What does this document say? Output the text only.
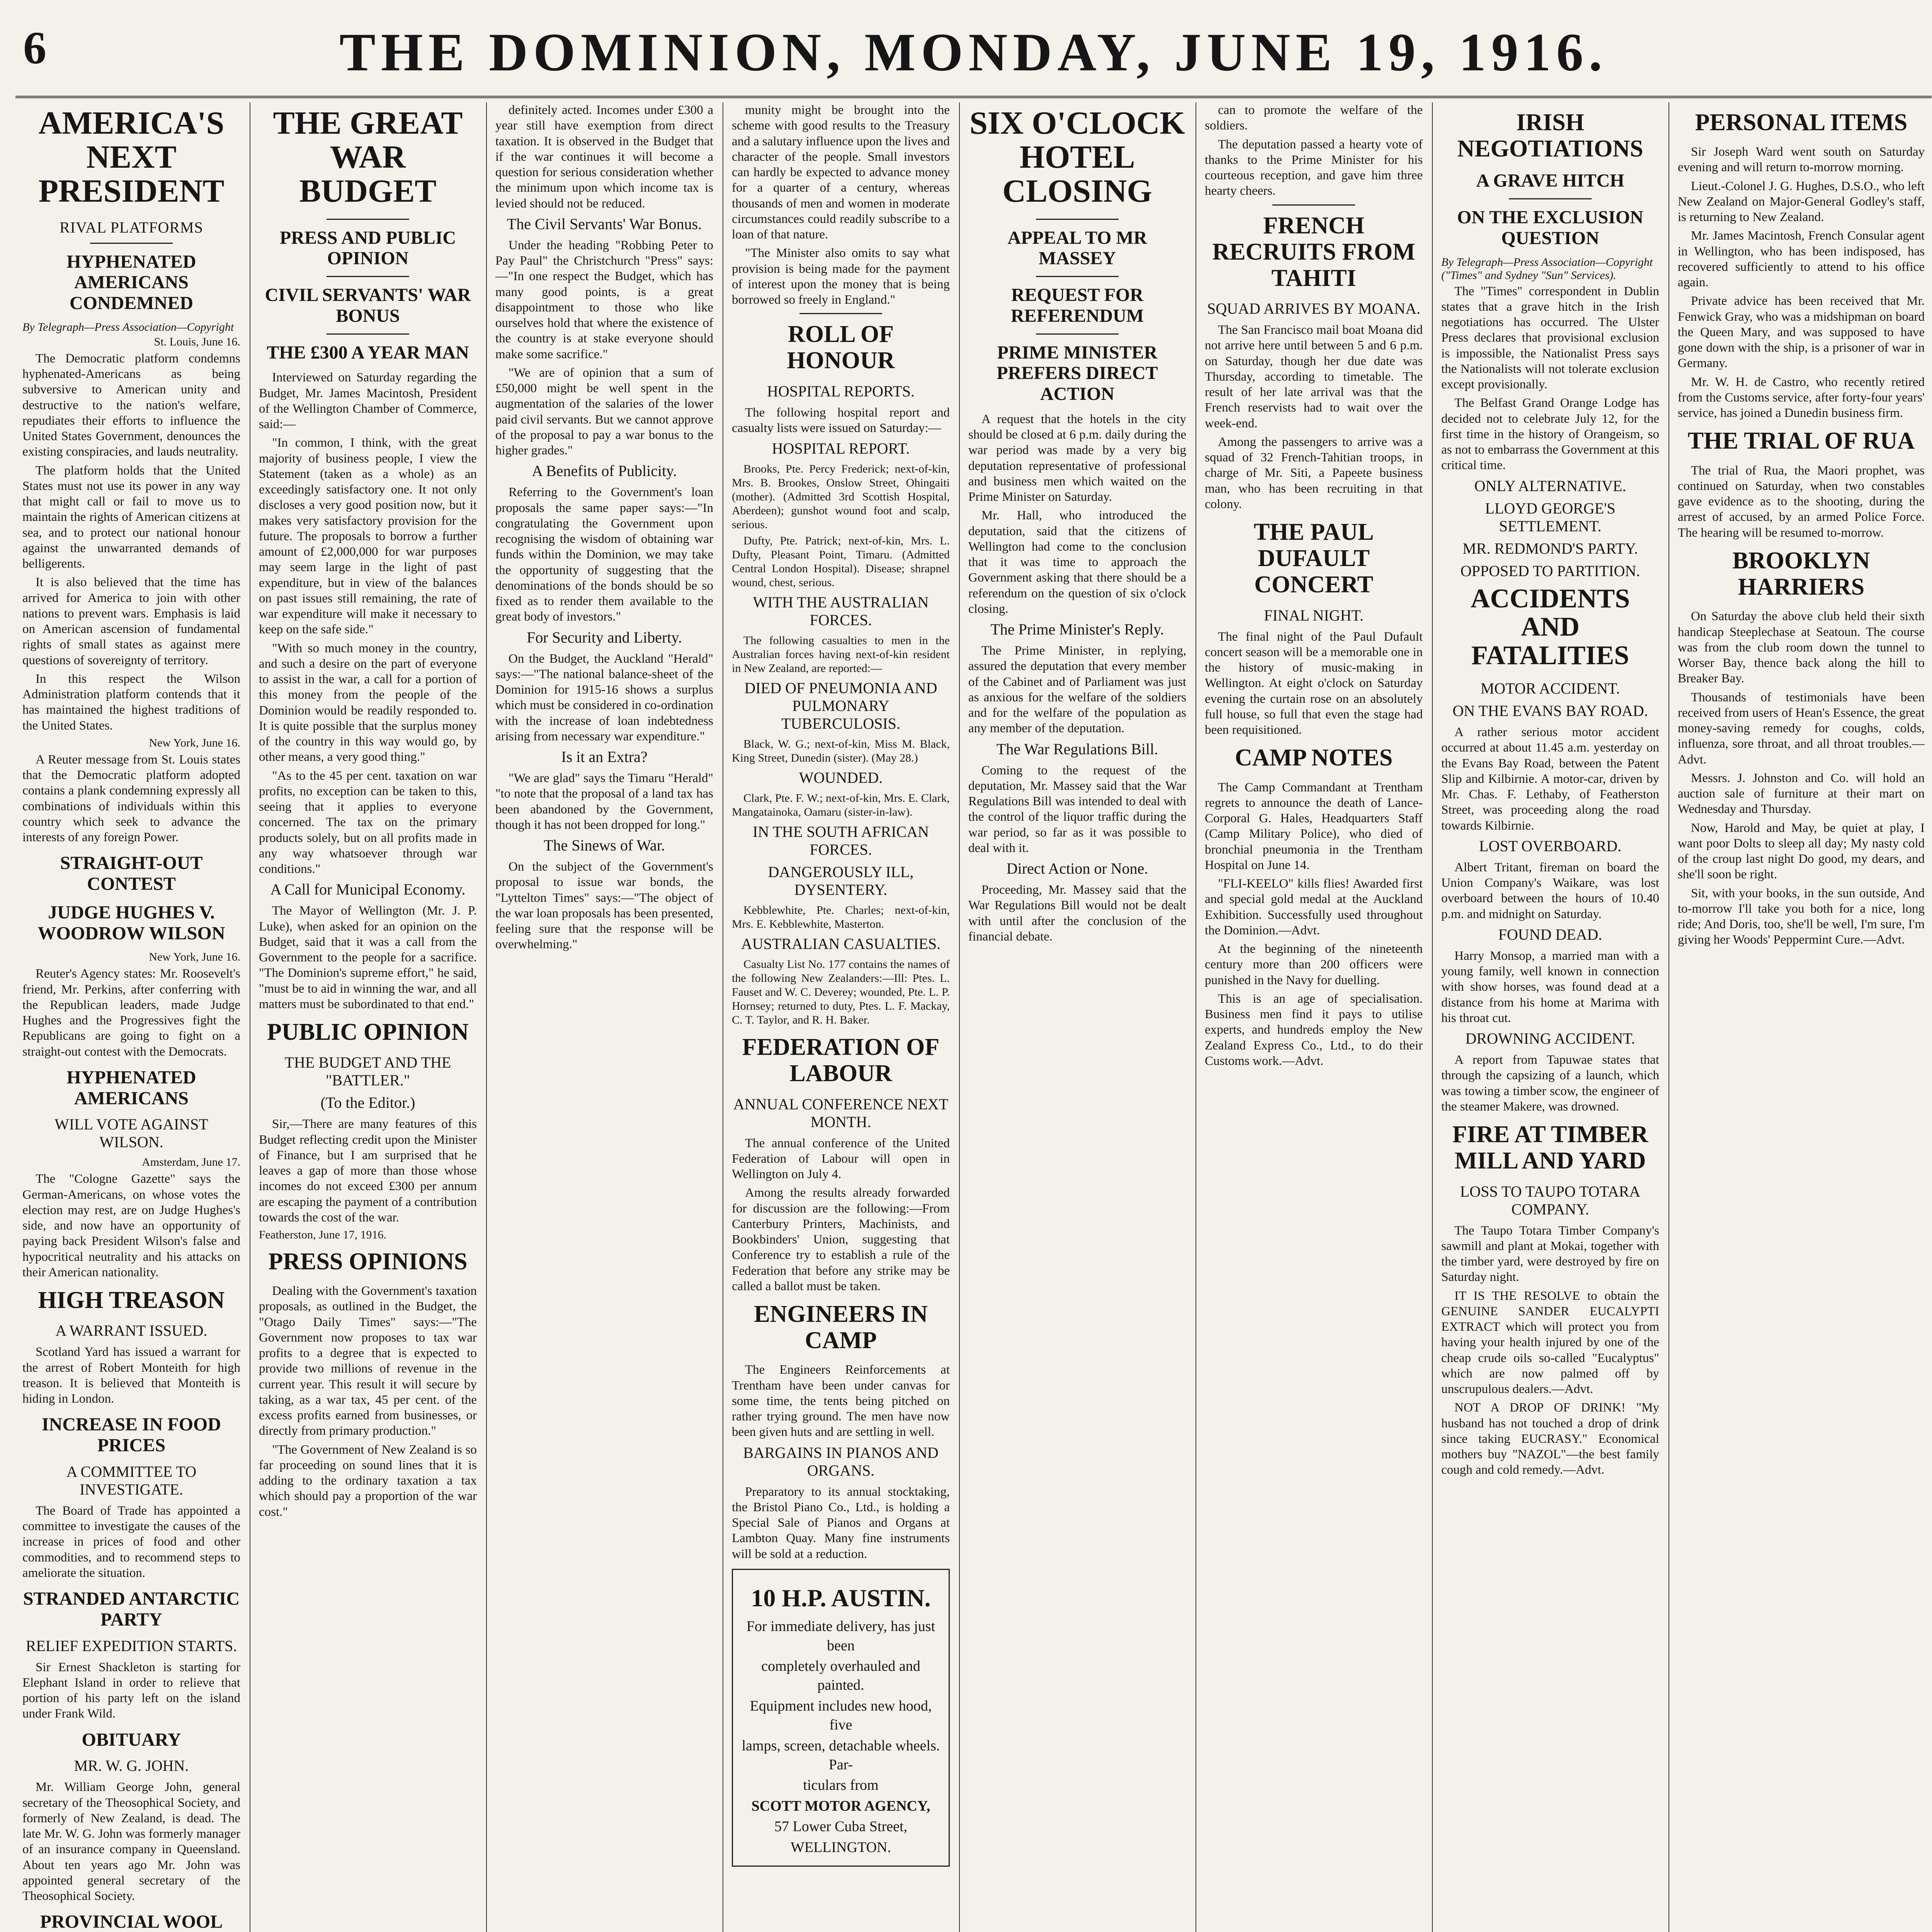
6	THE DOMINION, MONDAY, JUNE 19, 1916.
AMERICA'S NEXT PRESIDENT
RIVAL PLATFORMS
HYPHENATED AMERICANS CONDEMNED
By Telegraph—Press Association—Copyright
St. Louis, June 16.

The Democratic platform condemns hyphenated-Americans as being subversive to American unity and destructive to the nation's welfare, repudiates their efforts to influence the United States Government, denounces the existing conspiracies, and lauds neutrality.

The platform holds that the United States must not use its power in any way that might call or fail to move us to maintain the rights of American citizens at sea, and to protect our national honour against the unwarranted demands of belligerents.

It is also believed that the time has arrived for America to join with other nations to prevent wars. Emphasis is laid on American ascension of fundamental rights of small states as against mere questions of sovereignty of territory.

In this respect the Wilson Administration platform contends that it has maintained the highest traditions of the United States.

New York, June 16.

A Reuter message from St. Louis states that the Democratic platform adopted contains a plank condemning expressly all combinations of individuals within this country which seek to advance the interests of any foreign Power.

STRAIGHT-OUT CONTEST
JUDGE HUGHES V. WOODROW WILSON
New York, June 16.

Reuter's Agency states: Mr. Roosevelt's friend, Mr. Perkins, after conferring with the Republican leaders, made Judge Hughes and the Progressives fight the Republicans are going to fight on a straight-out contest with the Democrats.

HYPHENATED AMERICANS
WILL VOTE AGAINST WILSON.
Amsterdam, June 17.

The "Cologne Gazette" says the German-Americans, on whose votes the election may rest, are on Judge Hughes's side, and now have an opportunity of paying back President Wilson's false and hypocritical neutrality and his attacks on their American nationality.

HIGH TREASON
A WARRANT ISSUED.

Scotland Yard has issued a warrant for the arrest of Robert Monteith for high treason. It is believed that Monteith is hiding in London.

INCREASE IN FOOD PRICES
A COMMITTEE TO INVESTIGATE.

The Board of Trade has appointed a committee to investigate the causes of the increase in prices of food and other commodities, and to recommend steps to ameliorate the situation.

STRANDED ANTARCTIC PARTY
RELIEF EXPEDITION STARTS.

Sir Ernest Shackleton is starting for Elephant Island in order to relieve that portion of his party left on the island under Frank Wild.

OBITUARY
MR. W. G. JOHN.

Mr. William George John, general secretary of the Theosophical Society, and formerly of New Zealand, is dead. The late Mr. W. G. John was formerly manager of an insurance company in Queensland. About ten years ago Mr. John was appointed general secretary of the Theosophical Society.

PROVINCIAL WOOL

THE GREAT WAR BUDGET
PRESS AND PUBLIC OPINION
CIVIL SERVANTS' WAR BONUS
THE £300 A YEAR MAN

Interviewed on Saturday regarding the Budget, Mr. James Macintosh, President of the Wellington Chamber of Commerce, said:—

"In common, I think, with the great majority of business people, I view the Statement (taken as a whole) as an exceedingly satisfactory one. It not only discloses a very good position now, but it makes very satisfactory provision for the future. The proposals to borrow a further amount of £2,000,000 for war purposes may seem large in the light of past expenditure, but in view of the balances on past issues still remaining, the rate of war expenditure will make it necessary to keep on the safe side."

"With so much money in the country, and such a desire on the part of everyone to assist in the war, a call for a portion of this money from the people of the Dominion would be readily responded to. It is quite possible that the surplus money of the country in this way would go, by other means, a very good thing."

"As to the 45 per cent. taxation on war profits, no exception can be taken to this, seeing that it applies to everyone concerned. The tax on the primary products solely, but on all profits made in any way whatsoever through war conditions."

A Call for Municipal Economy.

The Mayor of Wellington (Mr. J. P. Luke), when asked for an opinion on the Budget, said that it was a call from the Government to the people for a sacrifice. "The Dominion's supreme effort," he said, "must be to aid in winning the war, and all matters must be subordinated to that end."

PUBLIC OPINION
THE BUDGET AND THE "BATTLER."
(To the Editor.)

Sir,—There are many features of this Budget reflecting credit upon the Minister of Finance, but I am surprised that he leaves a gap of more than those whose incomes do not exceed £300 per annum are escaping the payment of a contribution towards the cost of the war.

Featherston, June 17, 1916.
PRESS OPINIONS

Dealing with the Government's taxation proposals, as outlined in the Budget, the "Otago Daily Times" says:—"The Government now proposes to tax war profits to a degree that is expected to provide two millions of revenue in the current year. This result it will secure by taking, as a war tax, 45 per cent. of the excess profits earned from businesses, or directly from primary production."

"The Government of New Zealand is so far proceeding on sound lines that it is adding to the ordinary taxation a tax which should pay a proportion of the war cost."

definitely acted. Incomes under £300 a year still have exemption from direct taxation. It is observed in the Budget that if the war continues it will become a question for serious consideration whether the minimum upon which income tax is levied should not be reduced.

The Civil Servants' War Bonus.

Under the heading "Robbing Peter to Pay Paul" the Christchurch "Press" says:—"In one respect the Budget, which has many good points, is a great disappointment to those who like ourselves hold that where the existence of the country is at stake everyone should make some sacrifice."

"We are of opinion that a sum of £50,000 might be well spent in the augmentation of the salaries of the lower paid civil servants. But we cannot approve of the proposal to pay a war bonus to the higher grades."

A Benefits of Publicity.

Referring to the Government's loan proposals the same paper says:—"In congratulating the Government upon recognising the wisdom of obtaining war funds within the Dominion, we may take the opportunity of suggesting that the denominations of the bonds should be so fixed as to render them available to the great body of investors."

For Security and Liberty.

On the Budget, the Auckland "Herald" says:—"The national balance-sheet of the Dominion for 1915-16 shows a surplus which must be considered in co-ordination with the increase of loan indebtedness arising from necessary war expenditure."

Is it an Extra?

"We are glad" says the Timaru "Herald" "to note that the proposal of a land tax has been abandoned by the Government, though it has not been dropped for long."

The Sinews of War.

On the subject of the Government's proposal to issue war bonds, the "Lyttelton Times" says:—"The object of the war loan proposals has been presented, feeling sure that the response will be overwhelming."

munity might be brought into the scheme with good results to the Treasury and a salutary influence upon the lives and character of the people. Small investors can hardly be expected to advance money for a quarter of a century, whereas thousands of men and women in moderate circumstances could readily subscribe to a loan of that nature.

"The Minister also omits to say what provision is being made for the payment of interest upon the money that is being borrowed so freely in England."

ROLL OF HONOUR
HOSPITAL REPORTS.

The following hospital report and casualty lists were issued on Saturday:—

HOSPITAL REPORT.

Brooks, Pte. Percy Frederick; next-of-kin, Mrs. B. Brookes, Onslow Street, Ohingaiti (mother). (Admitted 3rd Scottish Hospital, Aberdeen); gunshot wound foot and scalp, serious.

Dufty, Pte. Patrick; next-of-kin, Mrs. L. Dufty, Pleasant Point, Timaru. (Admitted Central London Hospital). Disease; shrapnel wound, chest, serious.

WITH THE AUSTRALIAN FORCES.

The following casualties to men in the Australian forces having next-of-kin resident in New Zealand, are reported:—

DIED OF PNEUMONIA AND PULMONARY TUBERCULOSIS.

Black, W. G.; next-of-kin, Miss M. Black, King Street, Dunedin (sister). (May 28.)

WOUNDED.

Clark, Pte. F. W.; next-of-kin, Mrs. E. Clark, Mangatainoka, Oamaru (sister-in-law).

IN THE SOUTH AFRICAN FORCES.
DANGEROUSLY ILL, DYSENTERY.

Kebblewhite, Pte. Charles; next-of-kin, Mrs. E. Kebblewhite, Masterton.

AUSTRALIAN CASUALTIES.

Casualty List No. 177 contains the names of the following New Zealanders:—Ill: Ptes. L. Fauset and W. C. Deverey; wounded, Pte. L. P. Hornsey; returned to duty, Ptes. L. F. Mackay, C. T. Taylor, and R. H. Baker.

FEDERATION OF LABOUR
ANNUAL CONFERENCE NEXT MONTH.

The annual conference of the United Federation of Labour will open in Wellington on July 4.

Among the results already forwarded for discussion are the following:—From Canterbury Printers, Machinists, and Bookbinders' Union, suggesting that Conference try to establish a rule of the Federation that before any strike may be called a ballot must be taken.

ENGINEERS IN CAMP

The Engineers Reinforcements at Trentham have been under canvas for some time, the tents being pitched on rather trying ground. The men have now been given huts and are settling in well.

BARGAINS IN PIANOS AND ORGANS.

Preparatory to its annual stocktaking, the Bristol Piano Co., Ltd., is holding a Special Sale of Pianos and Organs at Lambton Quay. Many fine instruments will be sold at a reduction.

10 H.P. AUSTIN.
For immediate delivery, has just been
completely overhauled and painted.
Equipment includes new hood, five
lamps, screen, detachable wheels. Par-
ticulars from
SCOTT MOTOR AGENCY,
57 Lower Cuba Street,
WELLINGTON.
SIX O'CLOCK HOTEL CLOSING
APPEAL TO MR MASSEY
REQUEST FOR REFERENDUM
PRIME MINISTER PREFERS DIRECT ACTION

A request that the hotels in the city should be closed at 6 p.m. daily during the war period was made by a very big deputation representative of professional and business men which waited on the Prime Minister on Saturday.

Mr. Hall, who introduced the deputation, said that the citizens of Wellington had come to the conclusion that it was time to approach the Government asking that there should be a referendum on the question of six o'clock closing.

The Prime Minister's Reply.

The Prime Minister, in replying, assured the deputation that every member of the Cabinet and of Parliament was just as anxious for the welfare of the soldiers and for the welfare of the population as any member of the deputation.

The War Regulations Bill.

Coming to the request of the deputation, Mr. Massey said that the War Regulations Bill was intended to deal with the control of the liquor traffic during the war period, so far as it was possible to deal with it.

Direct Action or None.

Proceeding, Mr. Massey said that the War Regulations Bill would not be dealt with until after the conclusion of the financial debate.

can to promote the welfare of the soldiers.

The deputation passed a hearty vote of thanks to the Prime Minister for his courteous reception, and gave him three hearty cheers.

FRENCH RECRUITS FROM TAHITI
SQUAD ARRIVES BY MOANA.

The San Francisco mail boat Moana did not arrive here until between 5 and 6 p.m. on Saturday, though her due date was Thursday, according to timetable. The result of her late arrival was that the French reservists had to wait over the week-end.

Among the passengers to arrive was a squad of 32 French-Tahitian troops, in charge of Mr. Siti, a Papeete business man, who has been recruiting in that colony.

THE PAUL DUFAULT CONCERT
FINAL NIGHT.

The final night of the Paul Dufault concert season will be a memorable one in the history of music-making in Wellington. At eight o'clock on Saturday evening the curtain rose on an absolutely full house, so full that even the stage had been requisitioned.

CAMP NOTES

The Camp Commandant at Trentham regrets to announce the death of Lance-Corporal G. Hales, Headquarters Staff (Camp Military Police), who died of bronchial pneumonia in the Trentham Hospital on June 14.

"FLI-KEELO" kills flies! Awarded first and special gold medal at the Auckland Exhibition. Successfully used throughout the Dominion.—Advt.

At the beginning of the nineteenth century more than 200 officers were punished in the Navy for duelling.

This is an age of specialisation. Business men find it pays to utilise experts, and hundreds employ the New Zealand Express Co., Ltd., to do their Customs work.—Advt.

IRISH NEGOTIATIONS
A GRAVE HITCH
ON THE EXCLUSION QUESTION
By Telegraph—Press Association—Copyright ("Times" and Sydney "Sun" Services).

The "Times" correspondent in Dublin states that a grave hitch in the Irish negotiations has occurred. The Ulster Press declares that provisional exclusion is impossible, the Nationalist Press says the Nationalists will not tolerate exclusion except provisionally.

The Belfast Grand Orange Lodge has decided not to celebrate July 12, for the first time in the history of Orangeism, so as not to embarrass the Government at this critical time.

ONLY ALTERNATIVE.
LLOYD GEORGE'S SETTLEMENT.
MR. REDMOND'S PARTY.
OPPOSED TO PARTITION.
ACCIDENTS AND FATALITIES
MOTOR ACCIDENT.
ON THE EVANS BAY ROAD.

A rather serious motor accident occurred at about 11.45 a.m. yesterday on the Evans Bay Road, between the Patent Slip and Kilbirnie. A motor-car, driven by Mr. Chas. F. Lethaby, of Featherston Street, was proceeding along the road towards Kilbirnie.

LOST OVERBOARD.

Albert Tritant, fireman on board the Union Company's Waikare, was lost overboard between the hours of 10.40 p.m. and midnight on Saturday.

FOUND DEAD.

Harry Monsop, a married man with a young family, well known in connection with show horses, was found dead at a distance from his home at Marima with his throat cut.

DROWNING ACCIDENT.

A report from Tapuwae states that through the capsizing of a launch, which was towing a timber scow, the engineer of the steamer Makere, was drowned.

FIRE AT TIMBER MILL AND YARD
LOSS TO TAUPO TOTARA COMPANY.

The Taupo Totara Timber Company's sawmill and plant at Mokai, together with the timber yard, were destroyed by fire on Saturday night.

IT IS THE RESOLVE to obtain the GENUINE SANDER EUCALYPTI EXTRACT which will protect you from having your health injured by one of the cheap crude oils so-called "Eucalyptus" which are now palmed off by unscrupulous dealers.—Advt.

NOT A DROP OF DRINK! "My husband has not touched a drop of drink since taking EUCRASY." Economical mothers buy "NAZOL"—the best family cough and cold remedy.—Advt.

PERSONAL ITEMS

Sir Joseph Ward went south on Saturday evening and will return to-morrow morning.

Lieut.-Colonel J. G. Hughes, D.S.O., who left New Zealand on Major-General Godley's staff, is returning to New Zealand.

Mr. James Macintosh, French Consular agent in Wellington, who has been indisposed, has recovered sufficiently to attend to his office again.

Private advice has been received that Mr. Fenwick Gray, who was a midshipman on board the Queen Mary, and was supposed to have gone down with the ship, is a prisoner of war in Germany.

Mr. W. H. de Castro, who recently retired from the Customs service, after forty-four years' service, has joined a Dunedin business firm.

THE TRIAL OF RUA

The trial of Rua, the Maori prophet, was continued on Saturday, when two constables gave evidence as to the shooting, during the arrest of accused, by an armed Police Force. The hearing will be resumed to-morrow.

BROOKLYN HARRIERS

On Saturday the above club held their sixth handicap Steeplechase at Seatoun. The course was from the club room down the tunnel to Worser Bay, thence back along the hill to Breaker Bay.

Thousands of testimonials have been received from users of Hean's Essence, the great money-saving remedy for coughs, colds, influenza, sore throat, and all throat troubles.—Advt.

Messrs. J. Johnston and Co. will hold an auction sale of furniture at their mart on Wednesday and Thursday.

Now, Harold and May, be quiet at play, I want poor Dolts to sleep all day; My nasty cold of the croup last night Do good, my dears, and she'll soon be right.

Sit, with your books, in the sun outside, And to-morrow I'll take you both for a nice, long ride; And Doris, too, she'll be well, I'm sure, I'm giving her Woods' Peppermint Cure.—Advt.
